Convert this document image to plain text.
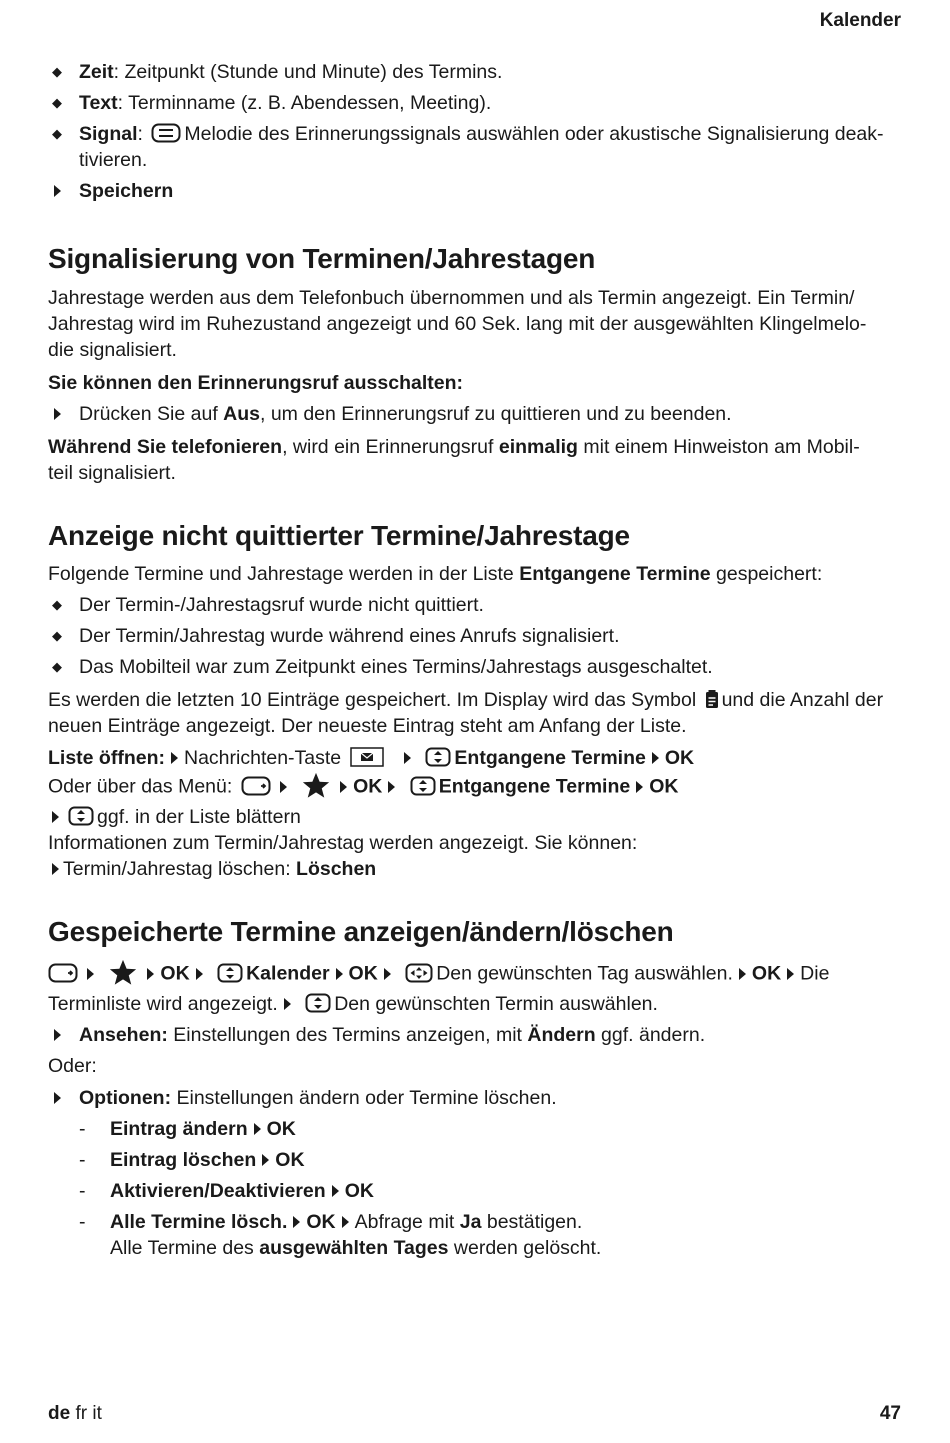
Kalender
◆ Zeit: Zeitpunkt (Stunde und Minute) des Termins.
◆ Text: Terminname (z. B. Abendessen, Meeting).
◆ Signal: Melodie des Erinnerungssignals auswählen oder akustische Signalisierung deak-
tivieren.
Speichern
Signalisierung von Terminen/Jahrestagen

Jahrestage werden aus dem Telefonbuch übernommen und als Termin angezeigt. Ein Termin/
Jahrestag wird im Ruhezustand angezeigt und 60 Sek. lang mit der ausgewählten Klingelmelo-
die signalisiert.

Sie können den Erinnerungsruf ausschalten:

Drücken Sie auf Aus, um den Erinnerungsruf zu quittieren und zu beenden.

Während Sie telefonieren, wird ein Erinnerungsruf einmalig mit einem Hinweiston am Mobil-
teil signalisiert.

Anzeige nicht quittierter Termine/Jahrestage

Folgende Termine und Jahrestage werden in der Liste Entgangene Termine gespeichert:

◆ Der Termin-/Jahrestagsruf wurde nicht quittiert.
◆ Der Termin/Jahrestag wurde während eines Anrufs signalisiert.
◆ Das Mobilteil war zum Zeitpunkt eines Termins/Jahrestags ausgeschaltet.

Es werden die letzten 10 Einträge gespeichert. Im Display wird das Symbol und die Anzahl der
neuen Einträge angezeigt. Der neueste Eintrag steht am Anfang der Liste.

Liste öffnen: Nachrichten-Taste	Entgangene Termine OK

Oder über das Menü:	OK	Entgangene Termine OK

ggf. in der Liste blättern

Informationen zum Termin/Jahrestag werden angezeigt. Sie können:

Termin/Jahrestag löschen: Löschen

Gespeicherte Termine anzeigen/ändern/löschen

OK	Kalender OK	Den gewünschten Tag auswählen. OK Die
Terminliste wird angezeigt.	Den gewünschten Termin auswählen.

Ansehen: Einstellungen des Termins anzeigen, mit Ändern ggf. ändern.

Oder:

Optionen: Einstellungen ändern oder Termine löschen.
- Eintrag ändern OK
- Eintrag löschen OK
- Aktivieren/Deaktivieren OK
- Alle Termine lösch. OK Abfrage mit Ja bestätigen.
Alle Termine des ausgewählten Tages werden gelöscht.
de fr it	47
